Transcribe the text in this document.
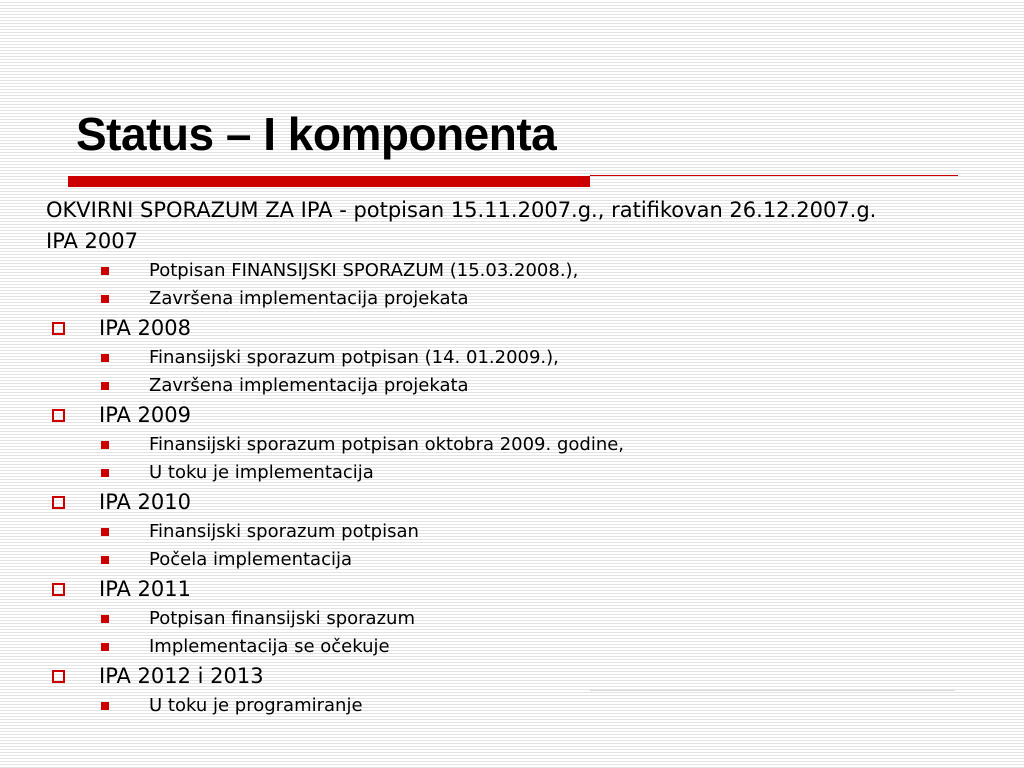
Status – I komponenta
OKVIRNI SPORAZUM ZA IPA - potpisan 15.11.2007.g., ratifikovan 26.12.2007.g.
IPA 2007
Potpisan FINANSIJSKI SPORAZUM (15.03.2008.),
Završena implementacija projekata
IPA 2008
Finansijski sporazum potpisan (14. 01.2009.),
Završena implementacija projekata
IPA 2009
Finansijski sporazum potpisan oktobra 2009. godine,
U toku je implementacija
IPA 2010
Finansijski sporazum potpisan
Počela implementacija
IPA 2011
Potpisan finansijski sporazum
Implementacija se očekuje
IPA 2012 i 2013
U toku je programiranje
